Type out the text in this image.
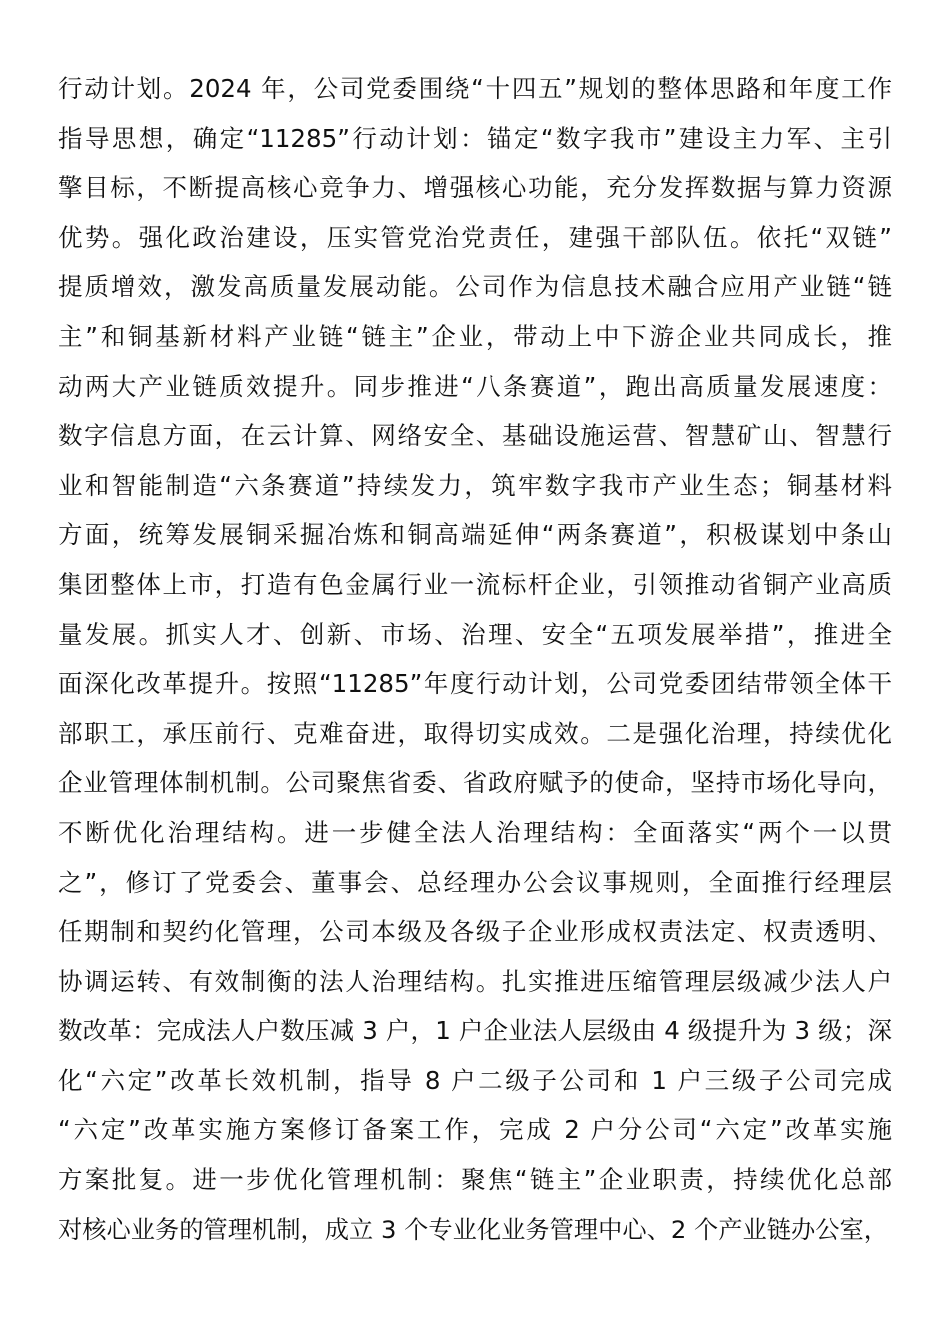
行动计划。2024 年，公司党委围绕“十四五”规划的整体思路和年度工作
指导思想，确定“11285”行动计划：锚定“数字我市”建设主力军、主引
擎目标，不断提高核心竞争力、增强核心功能，充分发挥数据与算力资源
优势。强化政治建设，压实管党治党责任，建强干部队伍。依托“双链”
提质增效，激发高质量发展动能。公司作为信息技术融合应用产业链“链
主”和铜基新材料产业链“链主”企业，带动上中下游企业共同成长，推
动两大产业链质效提升。同步推进“八条赛道”，跑出高质量发展速度：
数字信息方面，在云计算、网络安全、基础设施运营、智慧矿山、智慧行
业和智能制造“六条赛道”持续发力，筑牢数字我市产业生态；铜基材料
方面，统筹发展铜采掘冶炼和铜高端延伸“两条赛道”，积极谋划中条山
集团整体上市，打造有色金属行业一流标杆企业，引领推动省铜产业高质
量发展。抓实人才、创新、市场、治理、安全“五项发展举措”，推进全
面深化改革提升。按照“11285”年度行动计划，公司党委团结带领全体干
部职工，承压前行、克难奋进，取得切实成效。二是强化治理，持续优化
企业管理体制机制。公司聚焦省委、省政府赋予的使命，坚持市场化导向，
不断优化治理结构。进一步健全法人治理结构：全面落实“两个一以贯
之”，修订了党委会、董事会、总经理办公会议事规则，全面推行经理层
任期制和契约化管理，公司本级及各级子企业形成权责法定、权责透明、
协调运转、有效制衡的法人治理结构。扎实推进压缩管理层级减少法人户
数改革：完成法人户数压减 3 户，1 户企业法人层级由 4 级提升为 3 级；深
化“六定”改革长效机制，指导 8 户二级子公司和 1 户三级子公司完成
“六定”改革实施方案修订备案工作，完成 2 户分公司“六定”改革实施
方案批复。进一步优化管理机制：聚焦“链主”企业职责，持续优化总部
对核心业务的管理机制，成立 3 个专业化业务管理中心、2 个产业链办公室，
